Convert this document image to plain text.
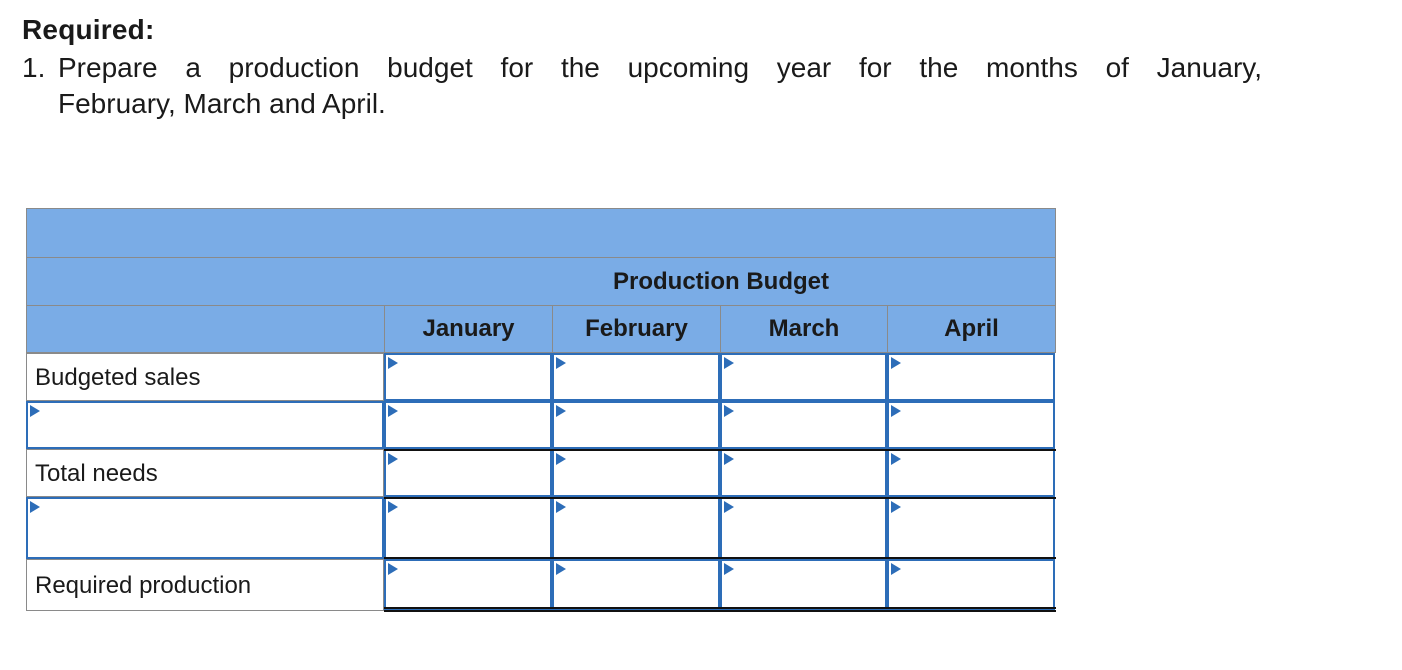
Required:
1. Prepare a production budget for the upcoming year for the months of January,
February, March and April.
Production Budget
January	February	March	April
Budgeted sales
Total needs
Required production
